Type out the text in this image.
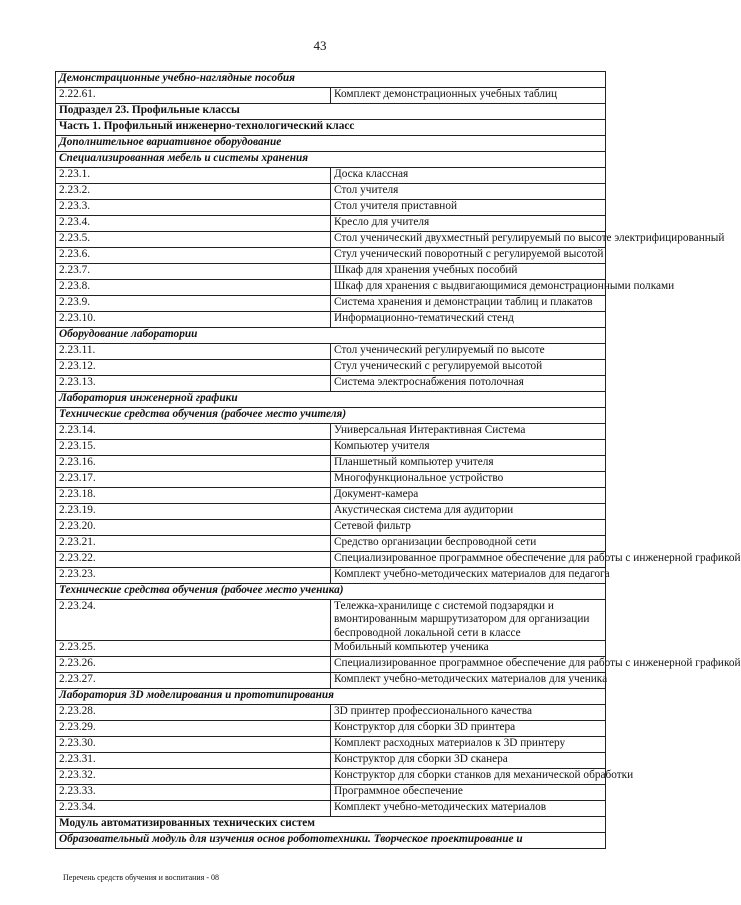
43
Демонстрационные учебно-наглядные пособия	
2.22.61.	Комплект демонстрационных учебных таблиц
Подраздел 23. Профильные классы	
Часть 1. Профильный инженерно-технологический класс	
Дополнительное вариативное оборудование	
Специализированная мебель и системы хранения	
2.23.1.	Доска классная
2.23.2.	Стол учителя
2.23.3.	Стол учителя приставной
2.23.4.	Кресло для учителя
2.23.5.	Стол ученический двухместный регулируемый по высоте электрифицированный
2.23.6.	Стул ученический поворотный с регулируемой высотой
2.23.7.	Шкаф для хранения учебных пособий
2.23.8.	Шкаф для хранения с выдвигающимися демонстрационными полками
2.23.9.	Система хранения и демонстрации таблиц и плакатов
2.23.10.	Информационно-тематический стенд
Оборудование лаборатории	
2.23.11.	Стол ученический регулируемый по высоте
2.23.12.	Стул ученический с регулируемой высотой
2.23.13.	Система электроснабжения потолочная
Лаборатория инженерной графики	
Технические средства обучения (рабочее место учителя)	
2.23.14.	Универсальная Интерактивная Система
2.23.15.	Компьютер учителя
2.23.16.	Планшетный компьютер учителя
2.23.17.	Многофункциональное устройство
2.23.18.	Документ-камера
2.23.19.	Акустическая система для аудитории
2.23.20.	Сетевой фильтр
2.23.21.	Средство организации беспроводной сети
2.23.22.	Специализированное программное обеспечение для работы с инженерной графикой
2.23.23.	Комплект учебно-методических материалов для педагога
Технические средства обучения (рабочее место ученика)	
2.23.24.	Тележка-хранилище с системой подзарядки и вмонтированным маршрутизатором для организации беспроводной локальной сети в классе
2.23.25.	Мобильный компьютер ученика
2.23.26.	Специализированное программное обеспечение для работы с инженерной графикой
2.23.27.	Комплект учебно-методических материалов для ученика
Лаборатория 3D моделирования и прототипирования	
2.23.28.	3D принтер профессионального качества
2.23.29.	Конструктор для сборки 3D принтера
2.23.30.	Комплект расходных материалов к 3D принтеру
2.23.31.	Конструктор для сборки 3D сканера
2.23.32.	Конструктор для сборки станков для механической обработки
2.23.33.	Программное обеспечение
2.23.34.	Комплект учебно-методических материалов
Модуль автоматизированных технических систем	
Образовательный модуль для изучения основ робототехники. Творческое проектирование и	
Перечень средств обучения и воспитания - 08
